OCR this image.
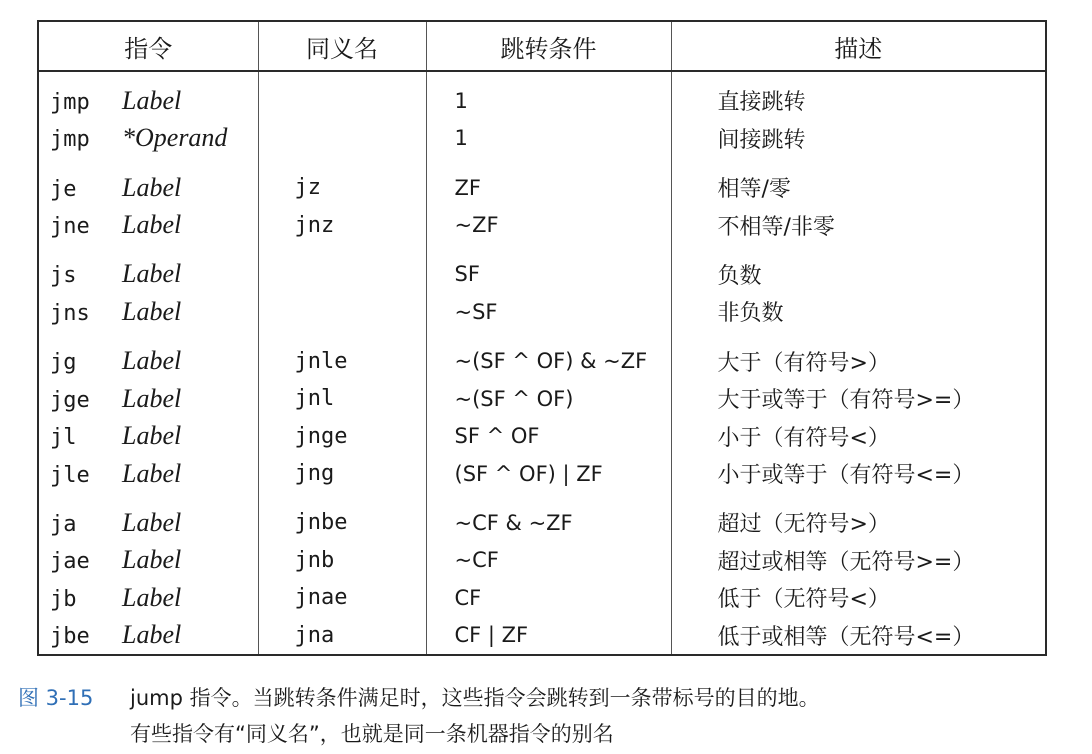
指令	同义名	跳转条件	描述
jmp Label		1	直接跳转
jmp *Operand		1	间接跳转
je Label	jz	ZF	相等/零
jne Label	jnz	~ZF	不相等/非零
js Label		SF	负数
jns Label		~SF	非负数
jg Label	jnle	~(SF ^ OF) & ~ZF	大于（有符号>）
jge Label	jnl	~(SF ^ OF)	大于或等于（有符号>=）
jl Label	jnge	SF ^ OF	小于（有符号<）
jle Label	jng	(SF ^ OF) | ZF	小于或等于（有符号<=）
ja Label	jnbe	~CF & ~ZF	超过（无符号>）
jae Label	jnb	~CF	超过或相等（无符号>=）
jb Label	jnae	CF	低于（无符号<）
jbe Label	jna	CF | ZF	低于或相等（无符号<=）
图 3-15 jump 指令。当跳转条件满足时，这些指令会跳转到一条带标号的目的地。
有些指令有“同义名”，也就是同一条机器指令的别名
